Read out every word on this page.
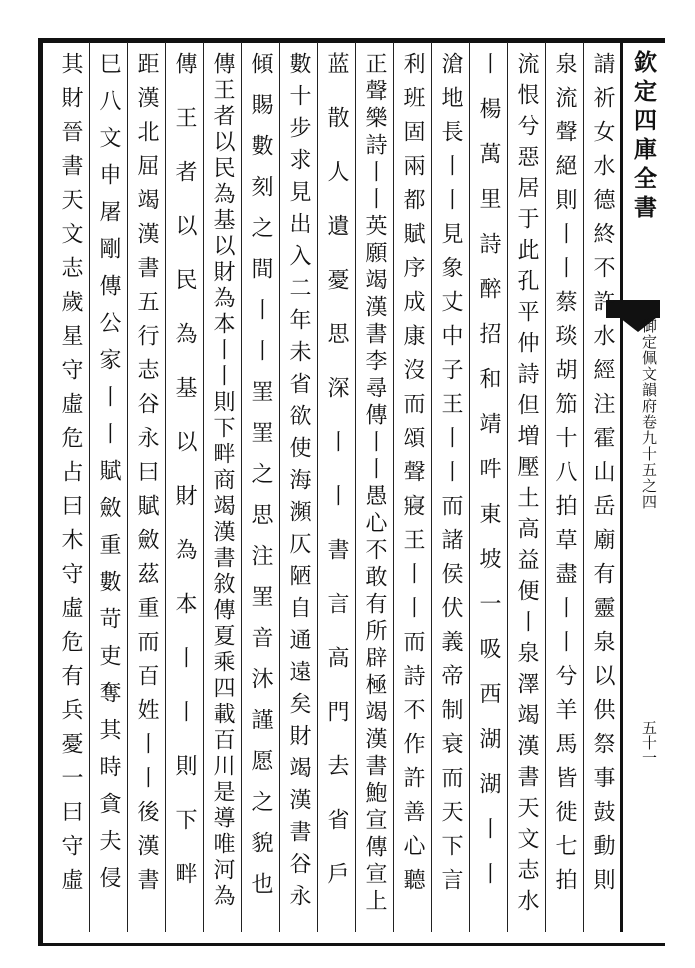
欽定四庫全書
御定佩文韻府卷九十五之四
五十一
請祈女水德終不許水經注霍山岳廟有靈泉以供祭事鼓動則
泉流聲絕則丨丨蔡琰胡笳十八拍草盡丨丨兮羊馬皆徙七拍
流恨兮惡居于此孔平仲詩但増壓土高益便丨泉澤竭漢書天文志水
丨楊萬里詩醉招和靖吽東坡一吸西湖湖丨丨
滄地長丨丨見象丈中子王丨丨而諸侯伏義帝制衰而天下言
利班固兩都賦序成康沒而頌聲寢王丨丨而詩不作許善心聽
正聲樂詩丨丨英願竭漢書李尋傳丨丨愚心不敢有所辟極竭漢書鮑宣傳宣上
蓝散人遺憂思深丨丨書言高門去省戶
數十步求見出入二年未省欲使海瀕仄陋自通遠矣財竭漢書谷永
傾賜數刻之間丨丨罣罣之思注罣音沐謹愿之貌也
傳王者以民為基以財為本丨丨則下畔商竭漢書敘傳夏乘四載百川是導唯河為
傳王者以民為基以財為本丨丨則下畔
距漢北屈竭漢書五行志谷永曰賦斂茲重而百姓丨丨後漢書
巳八文申屠剛傳公家丨丨賦斂重數苛吏奪其時貪夫侵
其財晉書天文志歲星守虛危占曰木守虛危有兵憂一曰守虛
